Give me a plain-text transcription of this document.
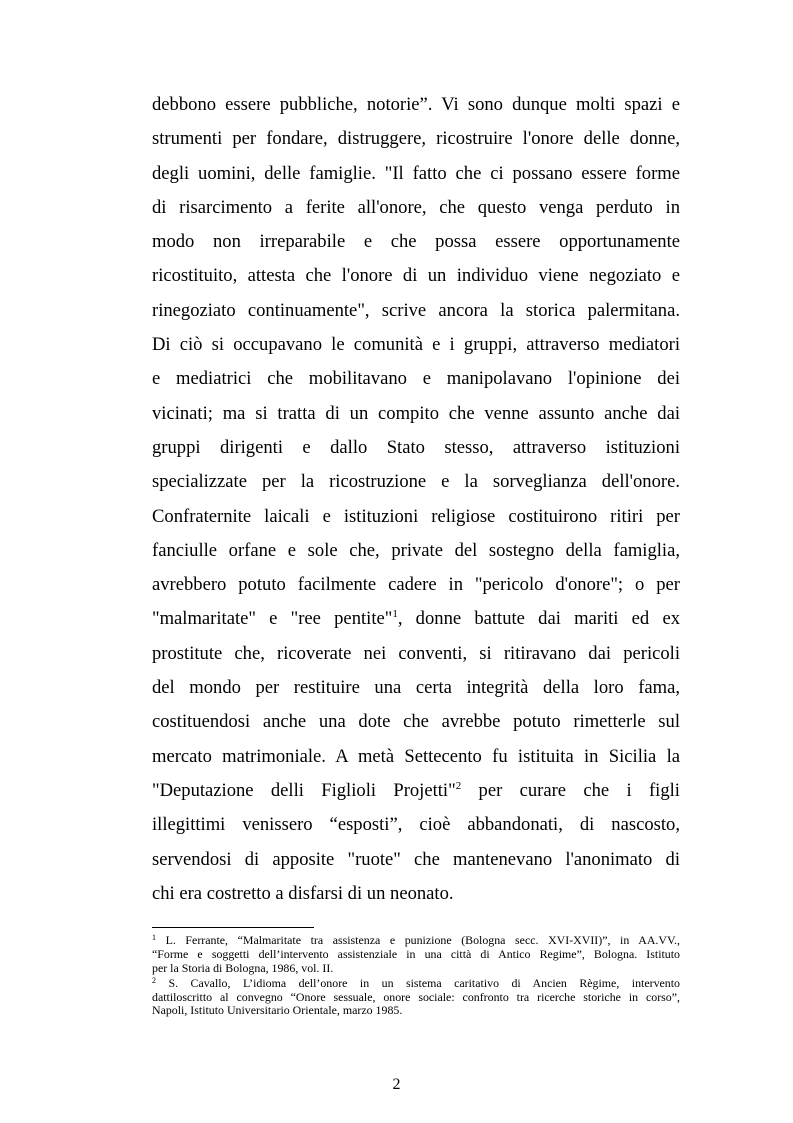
debbono essere pubbliche, notorie”. Vi sono dunque molti spazi e
strumenti per fondare, distruggere, ricostruire l'onore delle donne,
degli uomini, delle famiglie. "Il fatto che ci possano essere forme
di risarcimento a ferite all'onore, che questo venga perduto in
modo non irreparabile e che possa essere opportunamente
ricostituito, attesta che l'onore di un individuo viene negoziato e
rinegoziato continuamente", scrive ancora la storica palermitana.
Di ciò si occupavano le comunità e i gruppi, attraverso mediatori
e mediatrici che mobilitavano e manipolavano l'opinione dei
vicinati; ma si tratta di un compito che venne assunto anche dai
gruppi dirigenti e dallo Stato stesso, attraverso istituzioni
specializzate per la ricostruzione e la sorveglianza dell'onore.
Confraternite laicali e istituzioni religiose costituirono ritiri per
fanciulle orfane e sole che, private del sostegno della famiglia,
avrebbero potuto facilmente cadere in "pericolo d'onore"; o per
"malmaritate" e "ree pentite"$^1$, donne battute dai mariti ed ex
prostitute che, ricoverate nei conventi, si ritiravano dai pericoli
del mondo per restituire una certa integrità della loro fama,
costituendosi anche una dote che avrebbe potuto rimetterle sul
mercato matrimoniale. A metà Settecento fu istituita in Sicilia la
"Deputazione delli Figlioli Projetti"$^2$ per curare che i figli
illegittimi venissero “esposti”, cioè abbandonati, di nascosto,
servendosi di apposite "ruote" che mantenevano l'anonimato di
chi era costretto a disfarsi di un neonato.
$^1$ L. Ferrante, “Malmaritate tra assistenza e punizione (Bologna secc. XVI-XVII)”, in AA.VV.,
“Forme e soggetti dell’intervento assistenziale in una città di Antico Regime”, Bologna. Istituto
per la Storia di Bologna, 1986, vol. II.
$^2$ S. Cavallo, L’idioma dell’onore in un sistema caritativo di Ancien Règime, intervento
dattiloscritto al convegno “Onore sessuale, onore sociale: confronto tra ricerche storiche in corso”,
Napoli, Istituto Universitario Orientale, marzo 1985.
2
